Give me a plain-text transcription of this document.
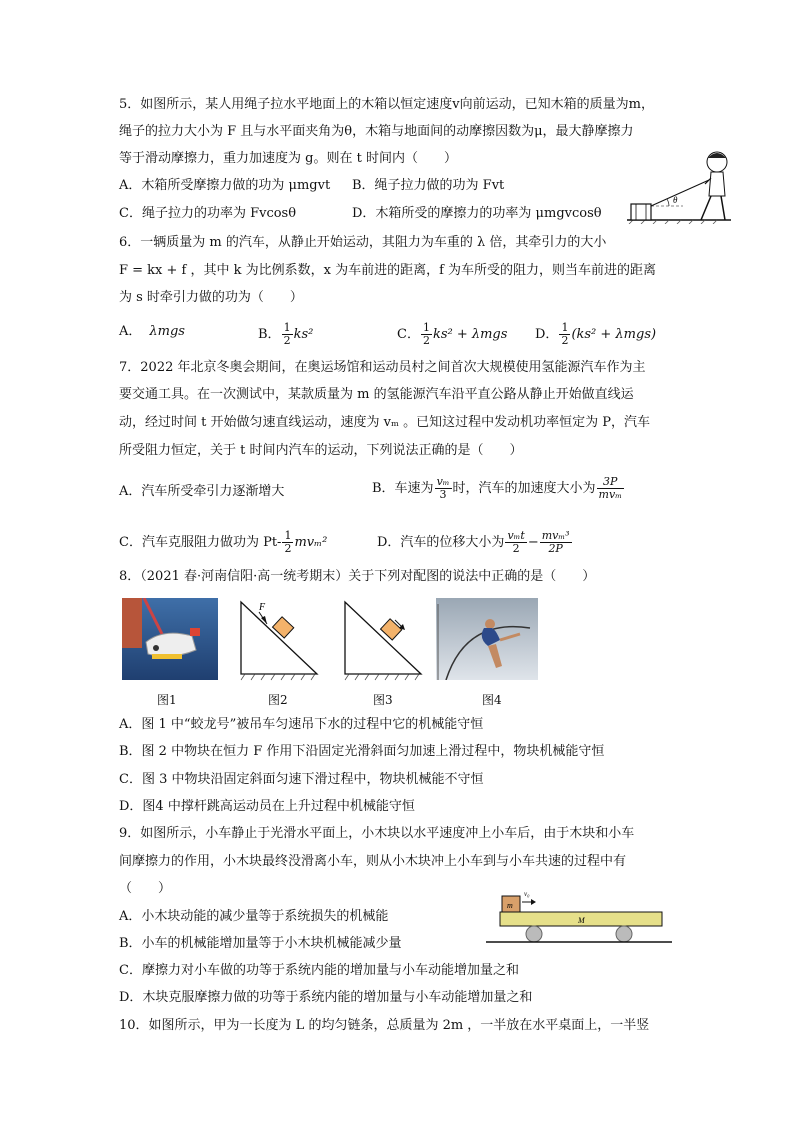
5．如图所示，某人用绳子拉水平地面上的木箱以恒定速度v向前运动，已知木箱的质量为m，
绳子的拉力大小为 F 且与水平面夹角为θ，木箱与地面间的动摩擦因数为μ，最大静摩擦力
等于滑动摩擦力，重力加速度为 g。则在 t 时间内（　　）
A．木箱所受摩擦力做的功为 μmgvt B．绳子拉力做的功为 Fvt
C．绳子拉力的功率为 Fvcosθ	D．木箱所受的摩擦力的功率为 μmgvcosθ
θ
6．一辆质量为 m 的汽车，从静止开始运动，其阻力为车重的 λ 倍，其牵引力的大小
F = kx + f ，其中 k 为比例系数，x 为车前进的距离，f 为车所受的阻力，则当车前进的距离
为 s 时牵引力做的功为（　　）
A． λmgs	B． $\frac{1}{2} ks^2$	C． $\frac{1}{2} ks^2 + \lambda mgs$ D． $\frac{1}{2} (ks^2 + \lambda mgs)$
7．2022 年北京冬奥会期间，在奥运场馆和运动员村之间首次大规模使用氢能源汽车作为主
要交通工具。在一次测试中，某款质量为 m 的氢能源汽车沿平直公路从静止开始做直线运
动，经过时间 t 开始做匀速直线运动，速度为 vₘ 。已知这过程中发动机功率恒定为 P，汽车
所受阻力恒定，关于 t 时间内汽车的运动，下列说法正确的是（　　）
A．汽车所受牵引力逐渐增大	B．车速为 $\frac{\text{vₘ}}{3}$ 时，汽车的加速度大小为 $\frac{3P}{\text{mvₘ}}$
C．汽车克服阻力做功为 $Pt- \frac{1}{2} mv_m^2$	D．汽车的位移大小为 $\frac{\text{vₘt}}{2} - \frac{\text{mvₘ³}}{2P}$
8．（2021 春·河南信阳·高一统考期末）关于下列对配图的说法中正确的是（　　）
图1
F
图2	图3	图4
A．图 1 中“蛟龙号”被吊车匀速吊下水的过程中它的机械能守恒
B．图 2 中物块在恒力 F 作用下沿固定光滑斜面匀加速上滑过程中，物块机械能守恒
C．图 3 中物块沿固定斜面匀速下滑过程中，物块机械能不守恒
D．图4 中撑杆跳高运动员在上升过程中机械能守恒
9．如图所示，小车静止于光滑水平面上，小木块以水平速度冲上小车后，由于木块和小车
间摩擦力的作用，小木块最终没滑离小车，则从小木块冲上小车到与小车共速的过程中有
（　　）
A．小木块动能的减少量等于系统损失的机械能
B．小车的机械能增加量等于小木块机械能减少量
C．摩擦力对小车做的功等于系统内能的增加量与小车动能增加量之和
D．木块克服摩擦力做的功等于系统内能的增加量与小车动能增加量之和
m
M
v₀
10．如图所示，甲为一长度为 L 的均匀链条，总质量为 2m ，一半放在水平桌面上，一半竖
